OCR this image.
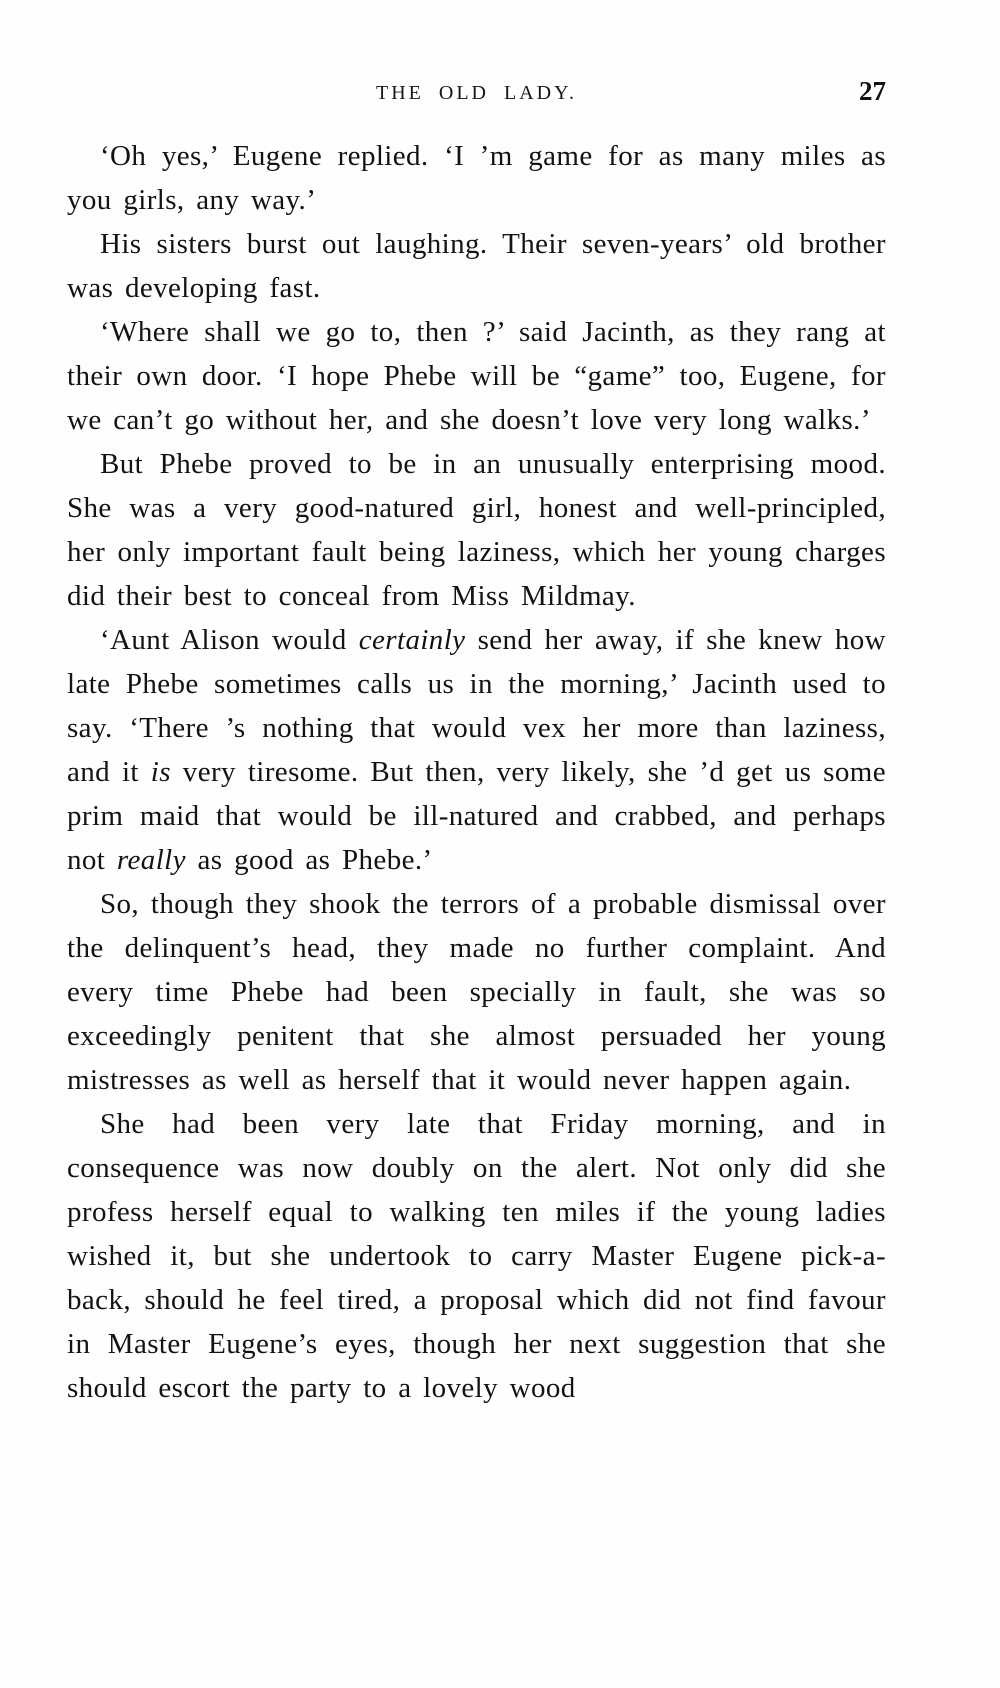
THE OLD LADY.	27

‘Oh yes,’ Eugene replied. ‘I ’m game for as many miles as you girls, any way.’

His sisters burst out laughing. Their seven-years’ old brother was developing fast.

‘Where shall we go to, then ?’ said Jacinth, as they rang at their own door. ‘I hope Phebe will be “game” too, Eugene, for we can’t go without her, and she doesn’t love very long walks.’

But Phebe proved to be in an unusually enterprising mood. She was a very good-natured girl, honest and well-principled, her only important fault being laziness, which her young charges did their best to conceal from Miss Mildmay.

‘Aunt Alison would certainly send her away, if she knew how late Phebe sometimes calls us in the morning,’ Jacinth used to say. ‘There ’s nothing that would vex her more than laziness, and it is very tiresome. But then, very likely, she ’d get us some prim maid that would be ill-natured and crabbed, and perhaps not really as good as Phebe.’

So, though they shook the terrors of a probable dismissal over the delinquent’s head, they made no further complaint. And every time Phebe had been specially in fault, she was so exceedingly penitent that she almost persuaded her young mistresses as well as herself that it would never happen again.

She had been very late that Friday morning, and in consequence was now doubly on the alert. Not only did she profess herself equal to walking ten miles if the young ladies wished it, but she undertook to carry Master Eugene pick-a-back, should he feel tired, a proposal which did not find favour in Master Eugene’s eyes, though her next suggestion that she should escort the party to a lovely wood
